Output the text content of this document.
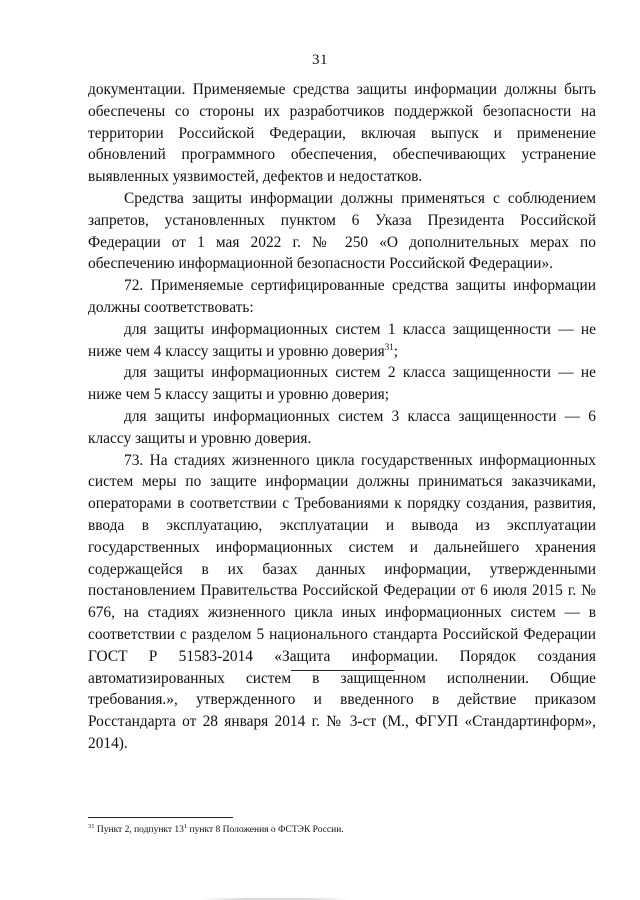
31

документации. Применяемые средства защиты информации должны быть обеспечены со стороны их разработчиков поддержкой безопасности на территории Российской Федерации, включая выпуск и применение обновлений программного обеспечения, обеспечивающих устранение выявленных уязвимостей, дефектов и недостатков.

Средства защиты информации должны применяться с соблюдением запретов, установленных пунктом 6 Указа Президента Российской Федерации от 1 мая 2022 г. № 250 «О дополнительных мерах по обеспечению информационной безопасности Российской Федерации».

72. Применяемые сертифицированные средства защиты информации должны соответствовать:

для защиты информационных систем 1 класса защищенности — не ниже чем 4 классу защиты и уровню доверия$^{31}$;

для защиты информационных систем 2 класса защищенности — не ниже чем 5 классу защиты и уровню доверия;

для защиты информационных систем 3 класса защищенности — 6 классу защиты и уровню доверия.

73. На стадиях жизненного цикла государственных информационных систем меры по защите информации должны приниматься заказчиками, операторами в соответствии с Требованиями к порядку создания, развития, ввода в эксплуатацию, эксплуатации и вывода из эксплуатации государственных информационных систем и дальнейшего хранения содержащейся в их базах данных информации, утвержденными постановлением Правительства Российской Федерации от 6 июля 2015 г. № 676, на стадиях жизненного цикла иных информационных систем — в соответствии с разделом 5 национального стандарта Российской Федерации ГОСТ Р 51583-2014 «Защита информации. Порядок создания автоматизированных систем в защищенном исполнении. Общие требования.», утвержденного и введенного в действие приказом Росстандарта от 28 января 2014 г. № 3-ст (М., ФГУП «Стандартинформ», 2014).

$^{31}$ Пункт 2, подпункт $13^1$ пункт 8 Положения о ФСТЭК России.
